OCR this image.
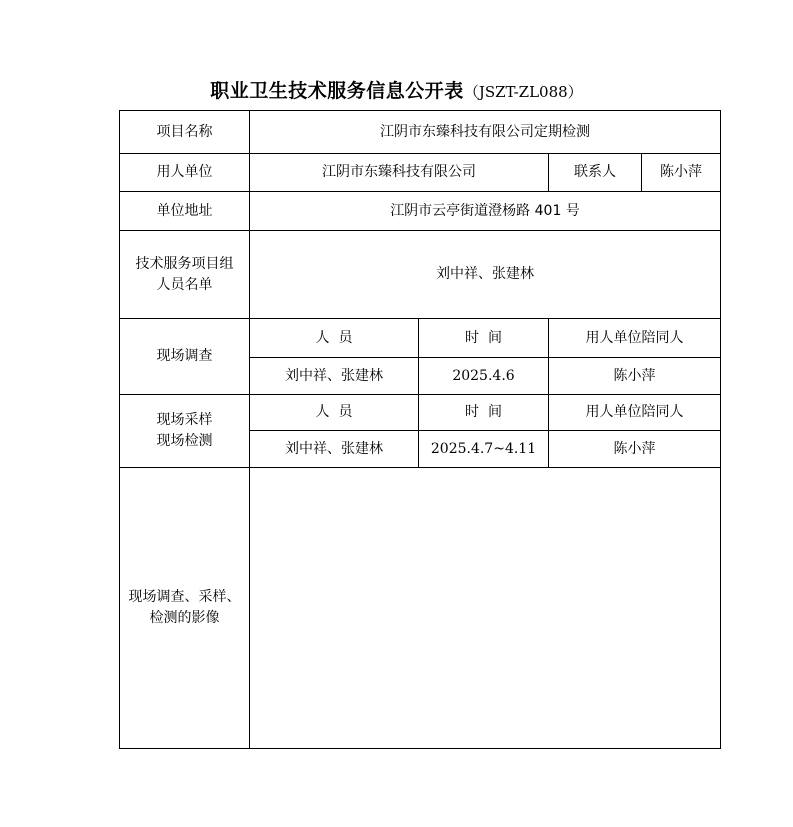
职业卫生技术服务信息公开表（JSZT-ZL088）
项目名称	江阴市东臻科技有限公司定期检测			
用人单位	江阴市东臻科技有限公司		联系人	陈小萍
单位地址	江阴市云亭街道澄杨路 401 号			

技术服务项目组
人员名单	刘中祥、张建林			
现场调查	人  员	时  间	用人单位陪同人	
	刘中祥、张建林	2025.4.6	陈小萍	

现场采样
现场检测	人  员	时  间	用人单位陪同人	
	刘中祥、张建林	2025.4.7~4.11	陈小萍	

现场调查、采样、
检测的影像				
